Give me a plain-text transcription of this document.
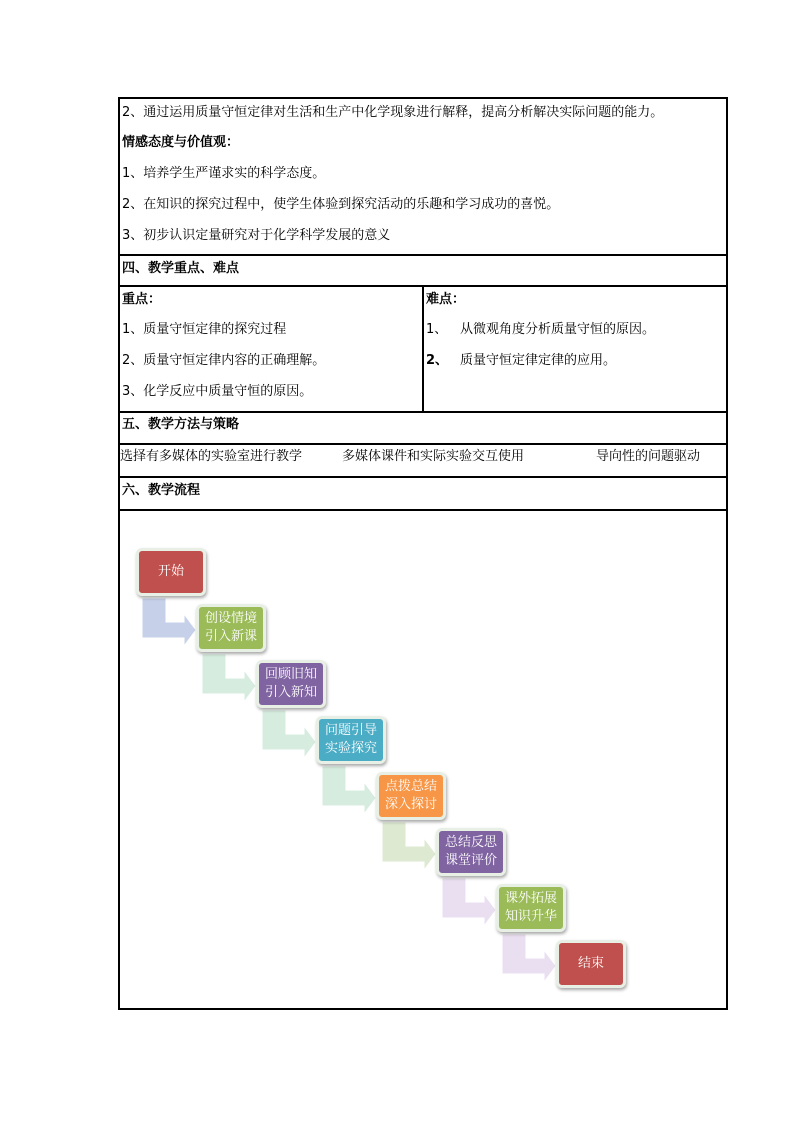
2、通过运用质量守恒定律对生活和生产中化学现象进行解释，提高分析解决实际问题的能力。
情感态度与价值观：
1、培养学生严谨求实的科学态度。
2、在知识的探究过程中，使学生体验到探究活动的乐趣和学习成功的喜悦。
3、初步认识定量研究对于化学科学发展的意义
四、教学重点、难点
重点：
1、质量守恒定律的探究过程
2、质量守恒定律内容的正确理解。
3、化学反应中质量守恒的原因。
难点：
1、 从微观角度分析质量守恒的原因。
2、 质量守恒定律定律的应用。
五、教学方法与策略
选择有多媒体的实验室进行教学	多媒体课件和实际实验交互使用	导向性的问题驱动
六、教学流程
开始
创设情境
引入新课
回顾旧知
引入新知
问题引导
实验探究
点拨总结
深入探讨
总结反思
课堂评价
课外拓展
知识升华
结束
